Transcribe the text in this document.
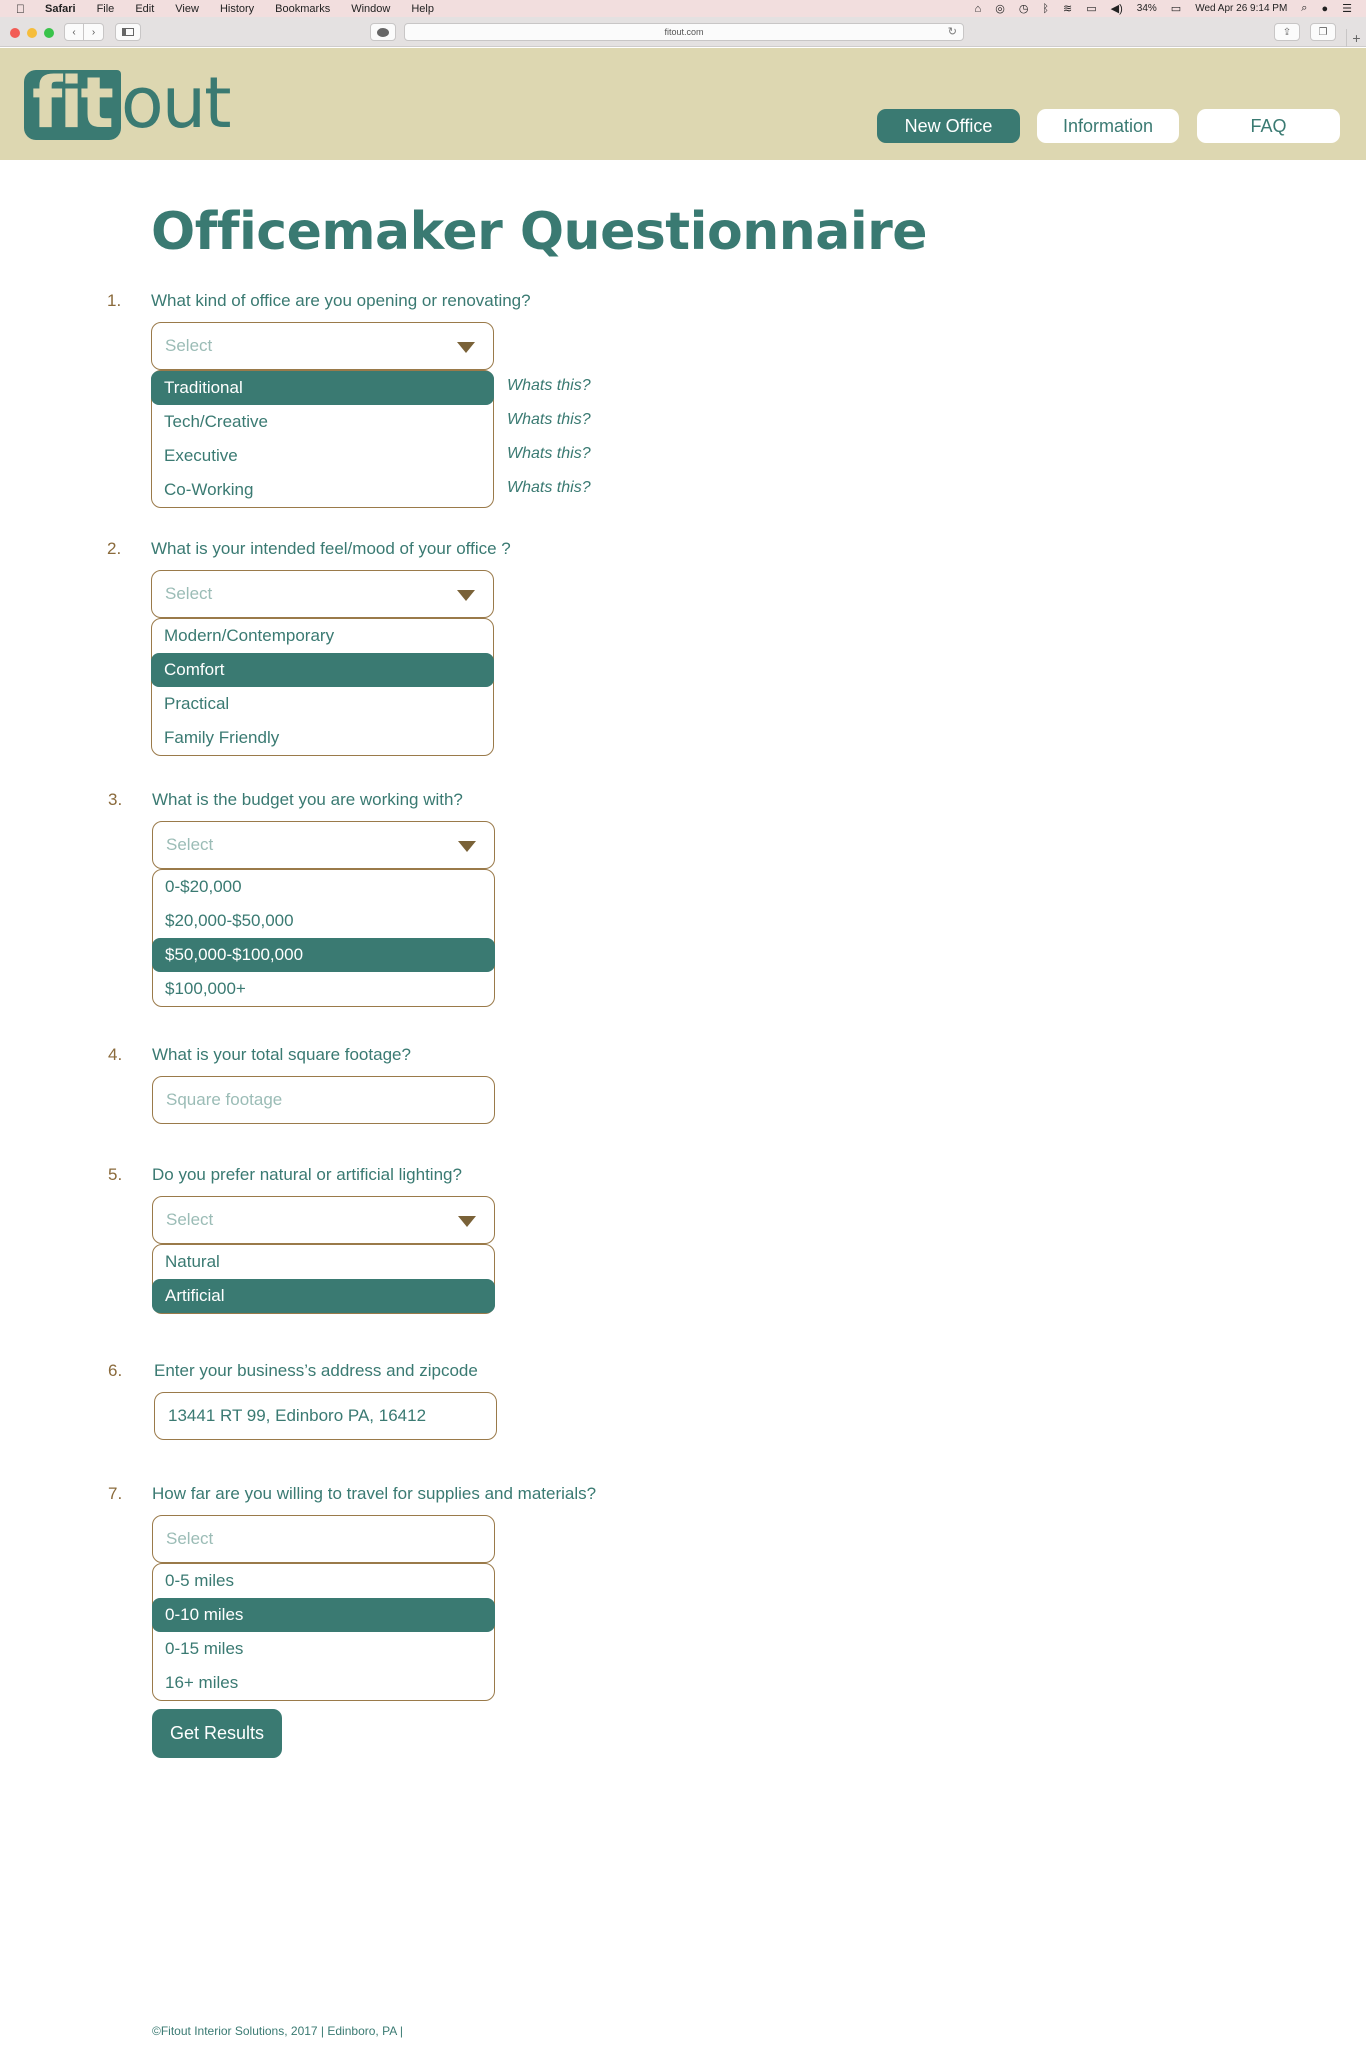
Safari File Edit View History Bookmarks Window Help	⌂ ◎ ◷ ᛒ ≋ ▭ ◀) 34% ▭ Wed Apr 26 9:14 PM ⌕ ● ☰
‹	›	fitout.com	↻	⇪	❐	+
fit out	New Office	Information	FAQ
Officemaker Questionnaire
1. What kind of office are you opening or renovating?
Select
Traditional
Tech/Creative
Executive
Co-Working
Whats this?
Whats this?
Whats this?
Whats this?
2. What is your intended feel/mood of your office ?
Select
Modern/Contemporary
Comfort
Practical
Family Friendly
3. What is the budget you are working with?
Select
0-$20,000
$20,000-$50,000
$50,000-$100,000
$100,000+
4. What is your total square footage?
Square footage
5. Do you prefer natural or artificial lighting?
Select
Natural
Artificial
6. Enter your business’s address and zipcode
13441 RT 99, Edinboro PA, 16412
7. How far are you willing to travel for supplies and materials?
Select
0-5 miles
0-10 miles
0-15 miles
16+ miles
Get Results
©Fitout Interior Solutions, 2017 | Edinboro, PA |
